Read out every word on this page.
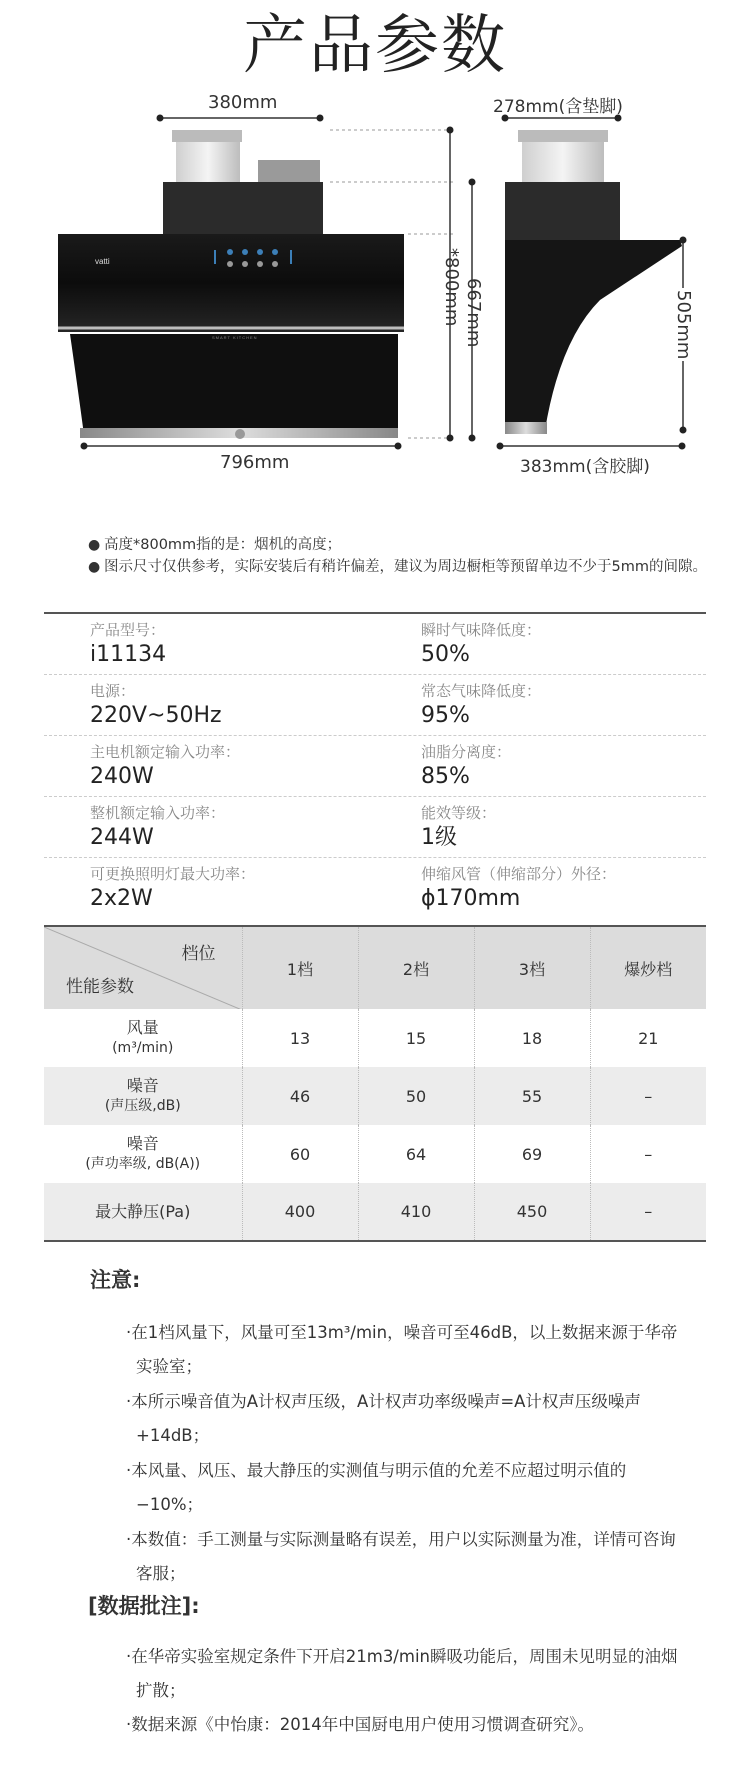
产品参数
vatti
SMART KITCHEN
380mm	278mm(含垫脚)
*800mm 667mm	505mm
796mm	383mm(含胶脚)
● 高度*800mm指的是：烟机的高度；
● 图示尺寸仅供参考，实际安装后有稍许偏差，建议为周边橱柜等预留单边不少于5mm的间隙。
产品型号：
i11134
瞬时气味降低度：
50%
电源：
220V~50Hz
常态气味降低度：
95%
主电机额定输入功率：
240W
油脂分离度：
85%
整机额定输入功率：
244W
能效等级：
1级
可更换照明灯最大功率：
2x2W
伸缩风管（伸缩部分）外径：
ϕ170mm
档位
性能参数	1档	2档	3档	爆炒档
风量
(m³/min)	13	15	18	21
噪音
(声压级,dB)	46	50	55	–
噪音
(声功率级, dB(A))	60	64	69	–
最大静压(Pa)	400	410	450	–
注意:
·在1档风量下，风量可至13m³/min，噪音可至46dB，以上数据来源于华帝实验室；
·本所示噪音值为A计权声压级，A计权声功率级噪声=A计权声压级噪声+14dB；
·本风量、风压、最大静压的实测值与明示值的允差不应超过明示值的−10%；
·本数值：手工测量与实际测量略有误差，用户以实际测量为准，详情可咨询客服；
[数据批注]:
·在华帝实验室规定条件下开启21m3/min瞬吸功能后，周围未见明显的油烟扩散；
·数据来源《中怡康：2014年中国厨电用户使用习惯调查研究》。
